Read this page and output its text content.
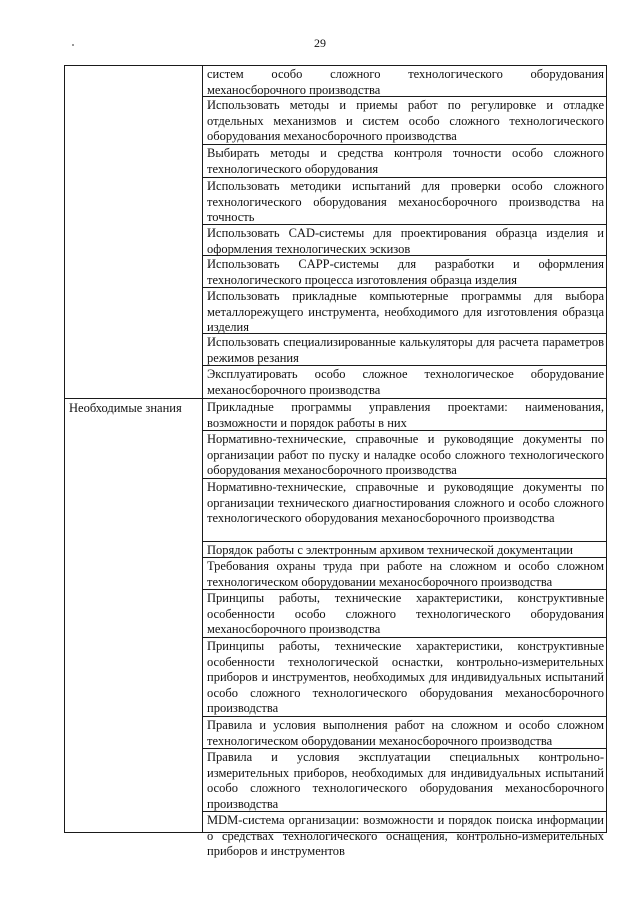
29
систем особо сложного технологического оборудования механосборочного производства
Использовать методы и приемы работ по регулировке и отладке отдельных механизмов и систем особо сложного технологического оборудования механосборочного производства
Выбирать методы и средства контроля точности особо сложного технологического оборудования
Использовать методики испытаний для проверки особо сложного технологического оборудования механосборочного производства на точность
Использовать CAD-системы для проектирования образца изделия и оформления технологических эскизов
Использовать CAPP-системы для разработки и оформления технологического процесса изготовления образца изделия
Использовать прикладные компьютерные программы для выбора металлорежущего инструмента, необходимого для изготовления образца изделия
Использовать специализированные калькуляторы для расчета параметров режимов резания
Эксплуатировать особо сложное технологическое оборудование механосборочного производства
Прикладные программы управления проектами: наименования, возможности и порядок работы в них
Необходимые знания
Нормативно-технические, справочные и руководящие документы по организации работ по пуску и наладке особо сложного технологического оборудования механосборочного производства
Нормативно-технические, справочные и руководящие документы по организации технического диагностирования сложного и особо сложного технологического оборудования механосборочного производства
Порядок работы с электронным архивом технической документации
Требования охраны труда при работе на сложном и особо сложном технологическом оборудовании механосборочного производства
Принципы работы, технические характеристики, конструктивные особенности особо сложного технологического оборудования механосборочного производства
Принципы работы, технические характеристики, конструктивные особенности технологической оснастки, контрольно-измерительных приборов и инструментов, необходимых для индивидуальных испытаний особо сложного технологического оборудования механосборочного производства
Правила и условия выполнения работ на сложном и особо сложном технологическом оборудовании механосборочного производства
Правила и условия эксплуатации специальных контрольно-измерительных приборов, необходимых для индивидуальных испытаний особо сложного технологического оборудования механосборочного производства
MDM-система организации: возможности и порядок поиска информации о средствах технологического оснащения, контрольно-измерительных приборов и инструментов
